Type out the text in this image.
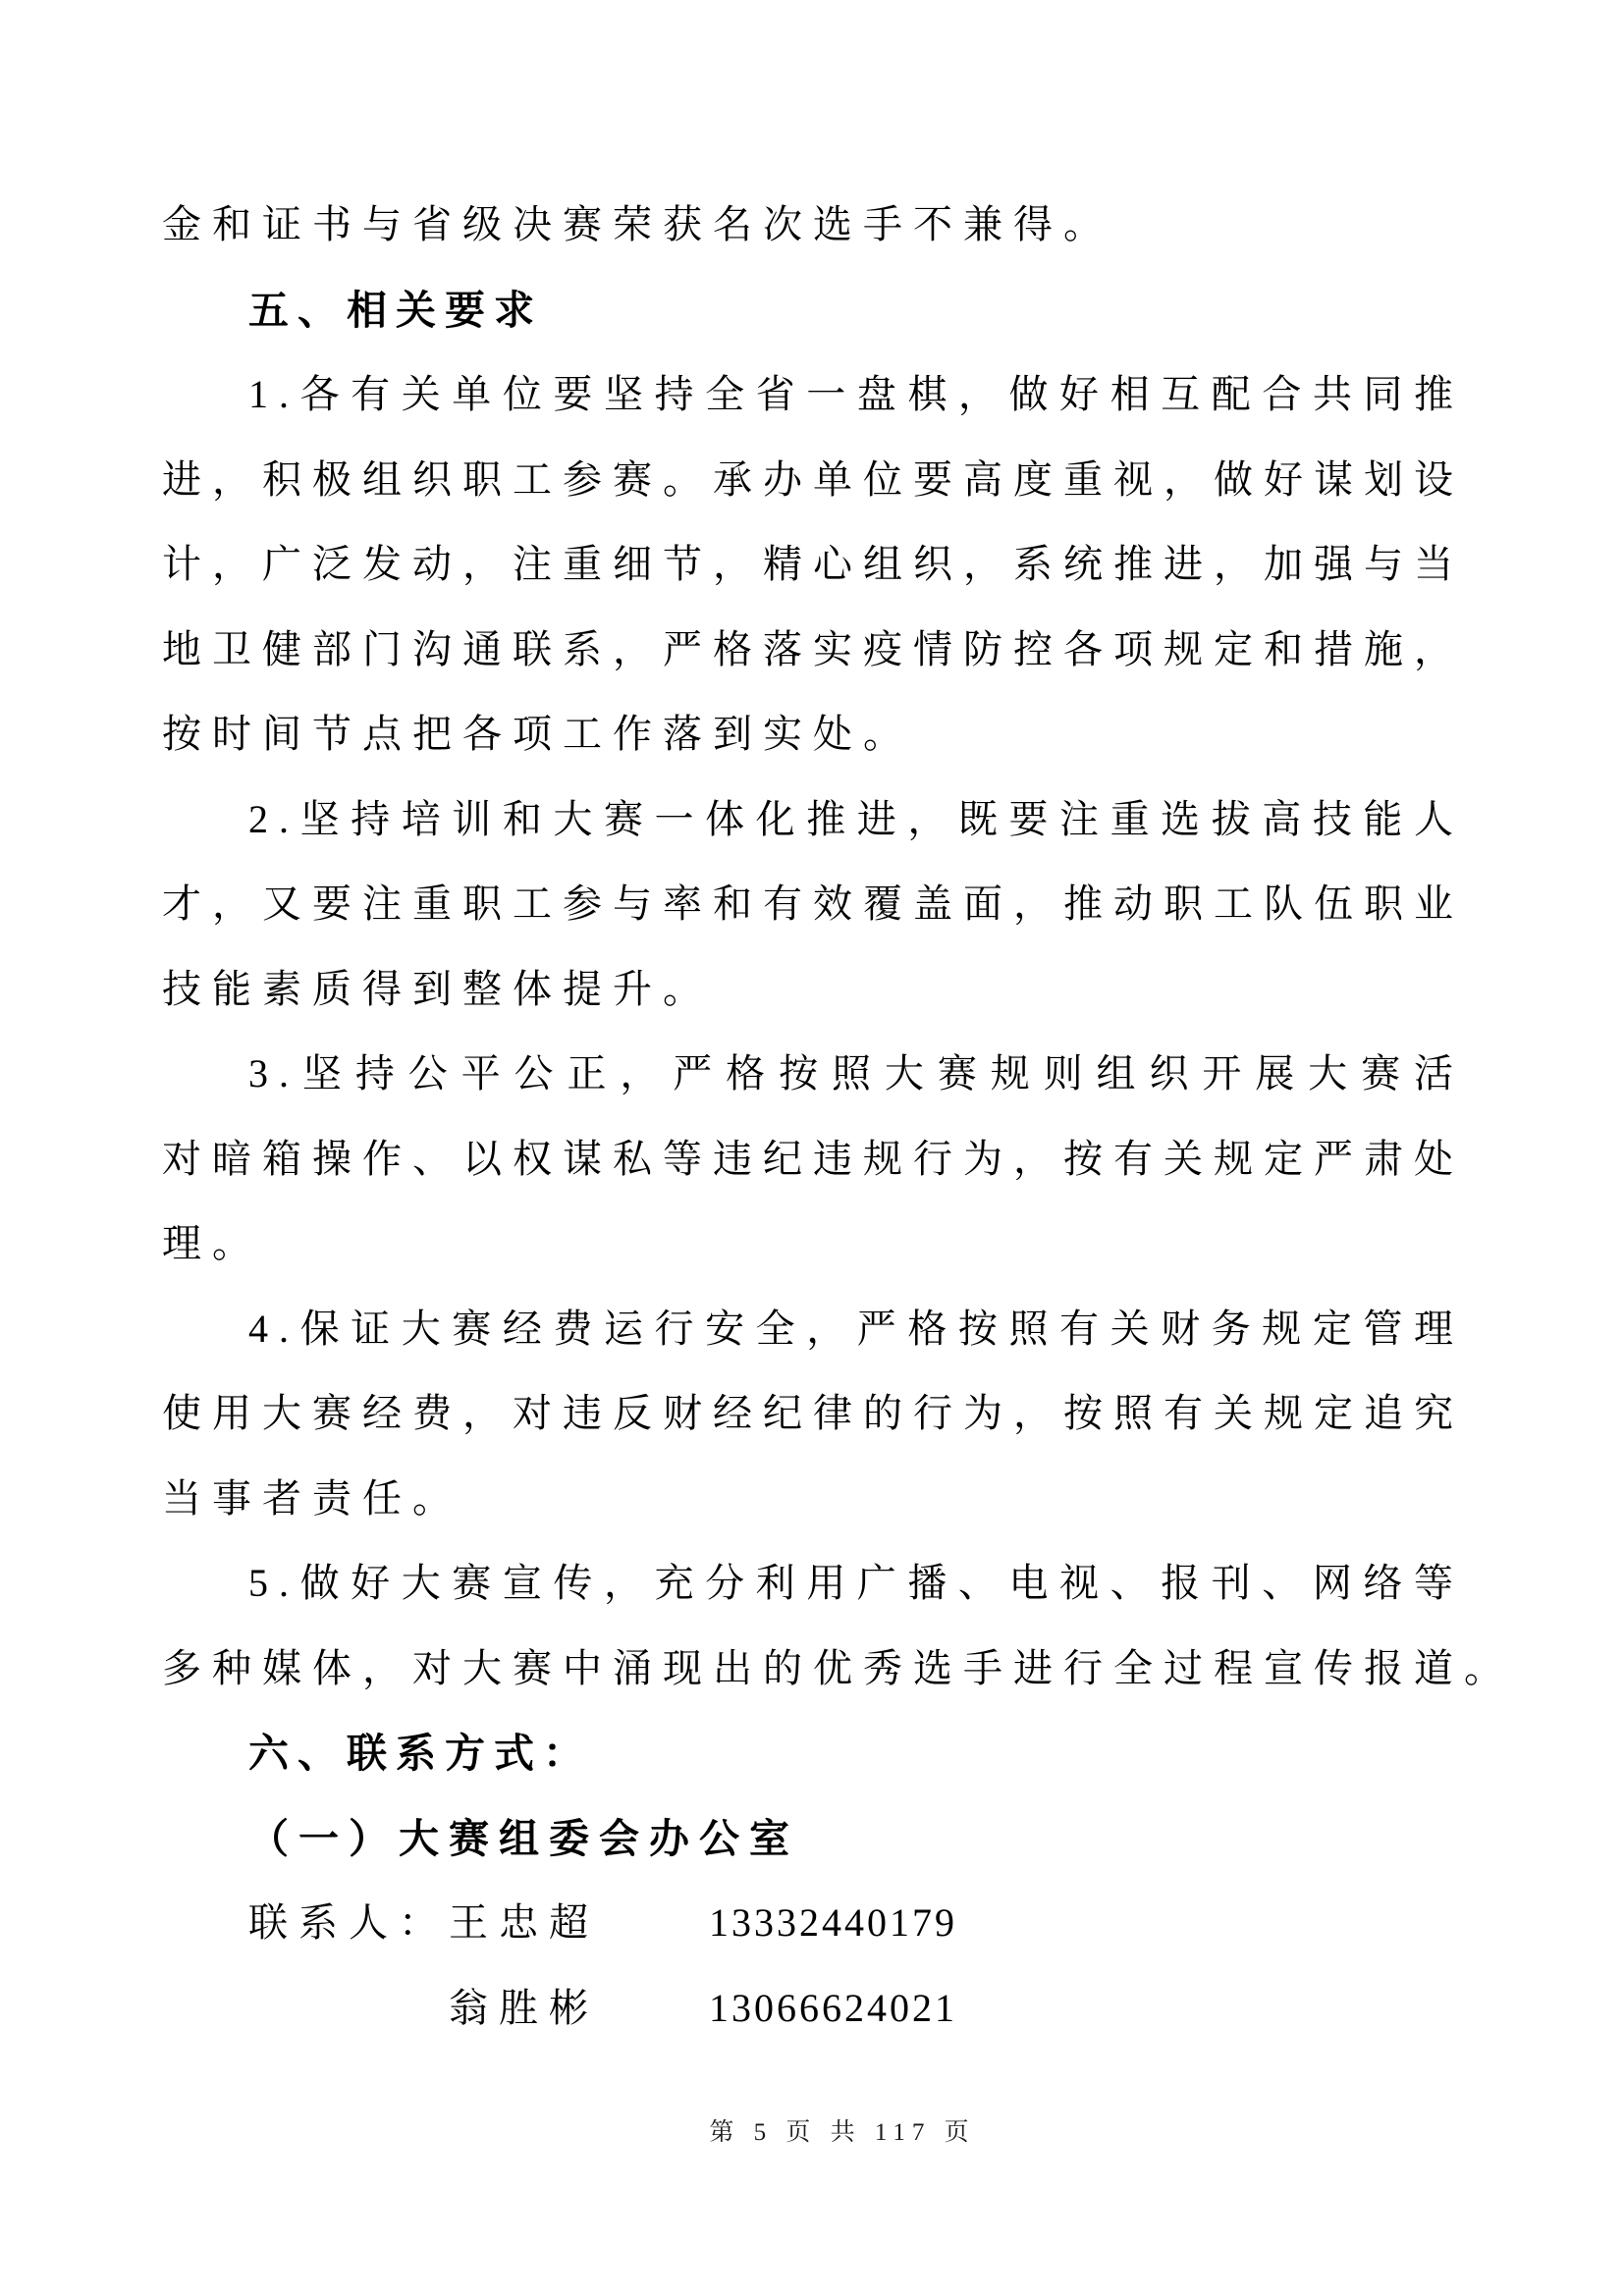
金和证书与省级决赛荣获名次选手不兼得。
五、相关要求
1.各有关单位要坚持全省一盘棋，做好相互配合共同推
进，积极组织职工参赛。承办单位要高度重视，做好谋划设
计，广泛发动，注重细节，精心组织，系统推进，加强与当
地卫健部门沟通联系，严格落实疫情防控各项规定和措施，
按时间节点把各项工作落到实处。
2.坚持培训和大赛一体化推进，既要注重选拔高技能人
才，又要注重职工参与率和有效覆盖面，推动职工队伍职业
技能素质得到整体提升。
3.坚持公平公正，严格按照大赛规则组织开展大赛活
对暗箱操作、以权谋私等违纪违规行为，按有关规定严肃处
理。
4.保证大赛经费运行安全，严格按照有关财务规定管理
使用大赛经费，对违反财经纪律的行为，按照有关规定追究
当事者责任。
5.做好大赛宣传，充分利用广播、电视、报刊、网络等
多种媒体，对大赛中涌现出的优秀选手进行全过程宣传报道。
六、联系方式：
（一）大赛组委会办公室
联系人：王忠超	13332440179
翁胜彬	13066624021
第 5 页 共 117 页
